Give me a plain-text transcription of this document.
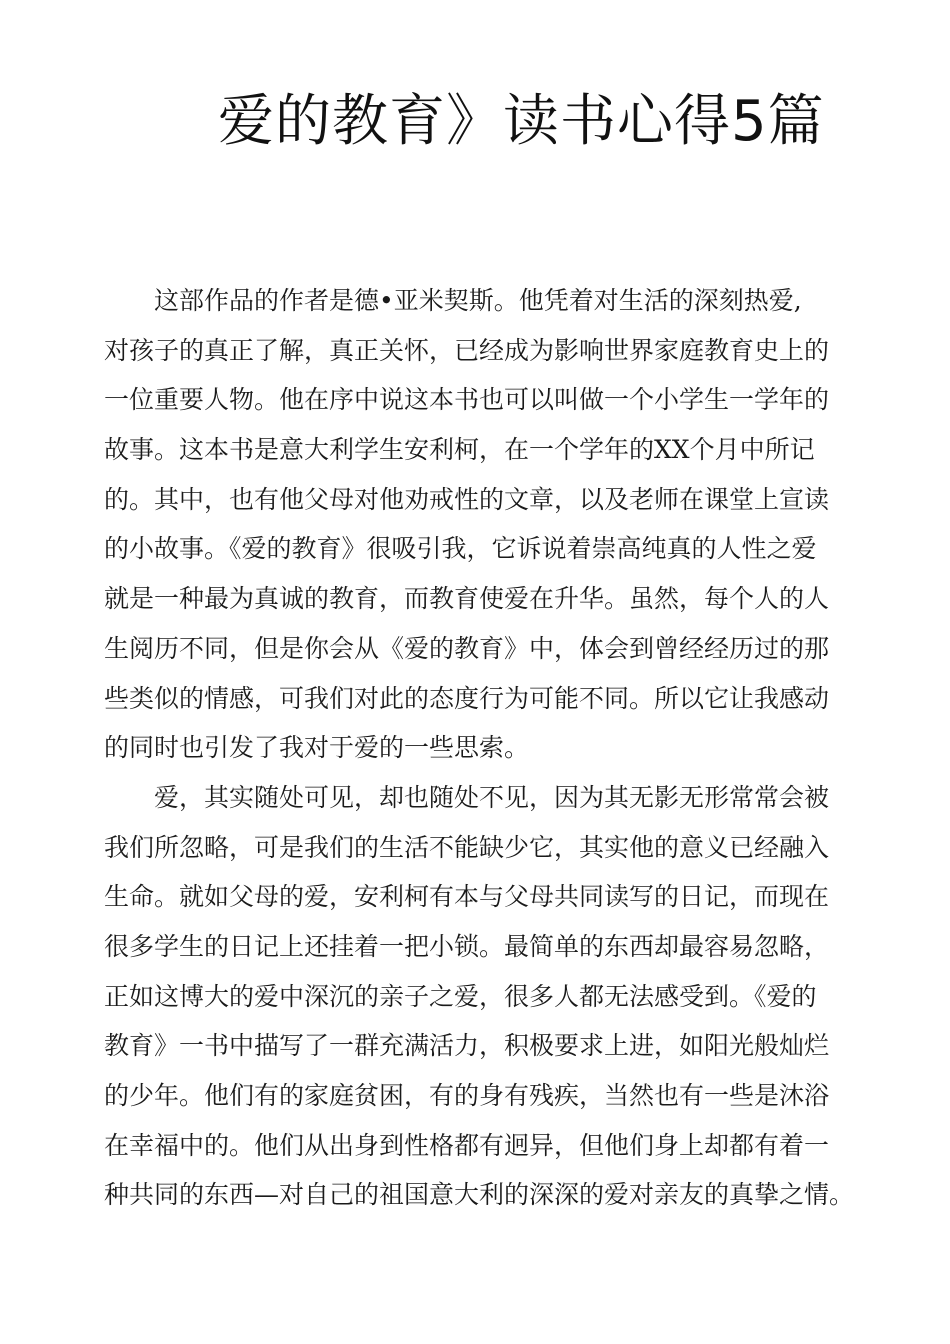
爱的教育》读书心得5篇

这部作品的作者是德•亚米契斯。他凭着对生活的深刻热爱,
对孩子的真正了解，真正关怀，已经成为影响世界家庭教育史上的
一位重要人物。他在序中说这本书也可以叫做一个小学生一学年的
故事。这本书是意大利学生安利柯，在一个学年的XX个月中所记
的。其中，也有他父母对他劝戒性的文章，以及老师在课堂上宣读
的小故事。《爱的教育》很吸引我，它诉说着崇高纯真的人性之爱
就是一种最为真诚的教育，而教育使爱在升华。虽然，每个人的人
生阅历不同，但是你会从《爱的教育》中，体会到曾经经历过的那
些类似的情感，可我们对此的态度行为可能不同。所以它让我感动
的同时也引发了我对于爱的一些思索。

爱，其实随处可见，却也随处不见，因为其无影无形常常会被
我们所忽略，可是我们的生活不能缺少它，其实他的意义已经融入
生命。就如父母的爱，安利柯有本与父母共同读写的日记，而现在
很多学生的日记上还挂着一把小锁。最简单的东西却最容易忽略，
正如这博大的爱中深沉的亲子之爱，很多人都无法感受到。《爱的
教育》一书中描写了一群充满活力，积极要求上进，如阳光般灿烂
的少年。他们有的家庭贫困，有的身有残疾，当然也有一些是沐浴
在幸福中的。他们从出身到性格都有迥异，但他们身上却都有着一
种共同的东西—对自己的祖国意大利的深深的爱对亲友的真挚之情。
